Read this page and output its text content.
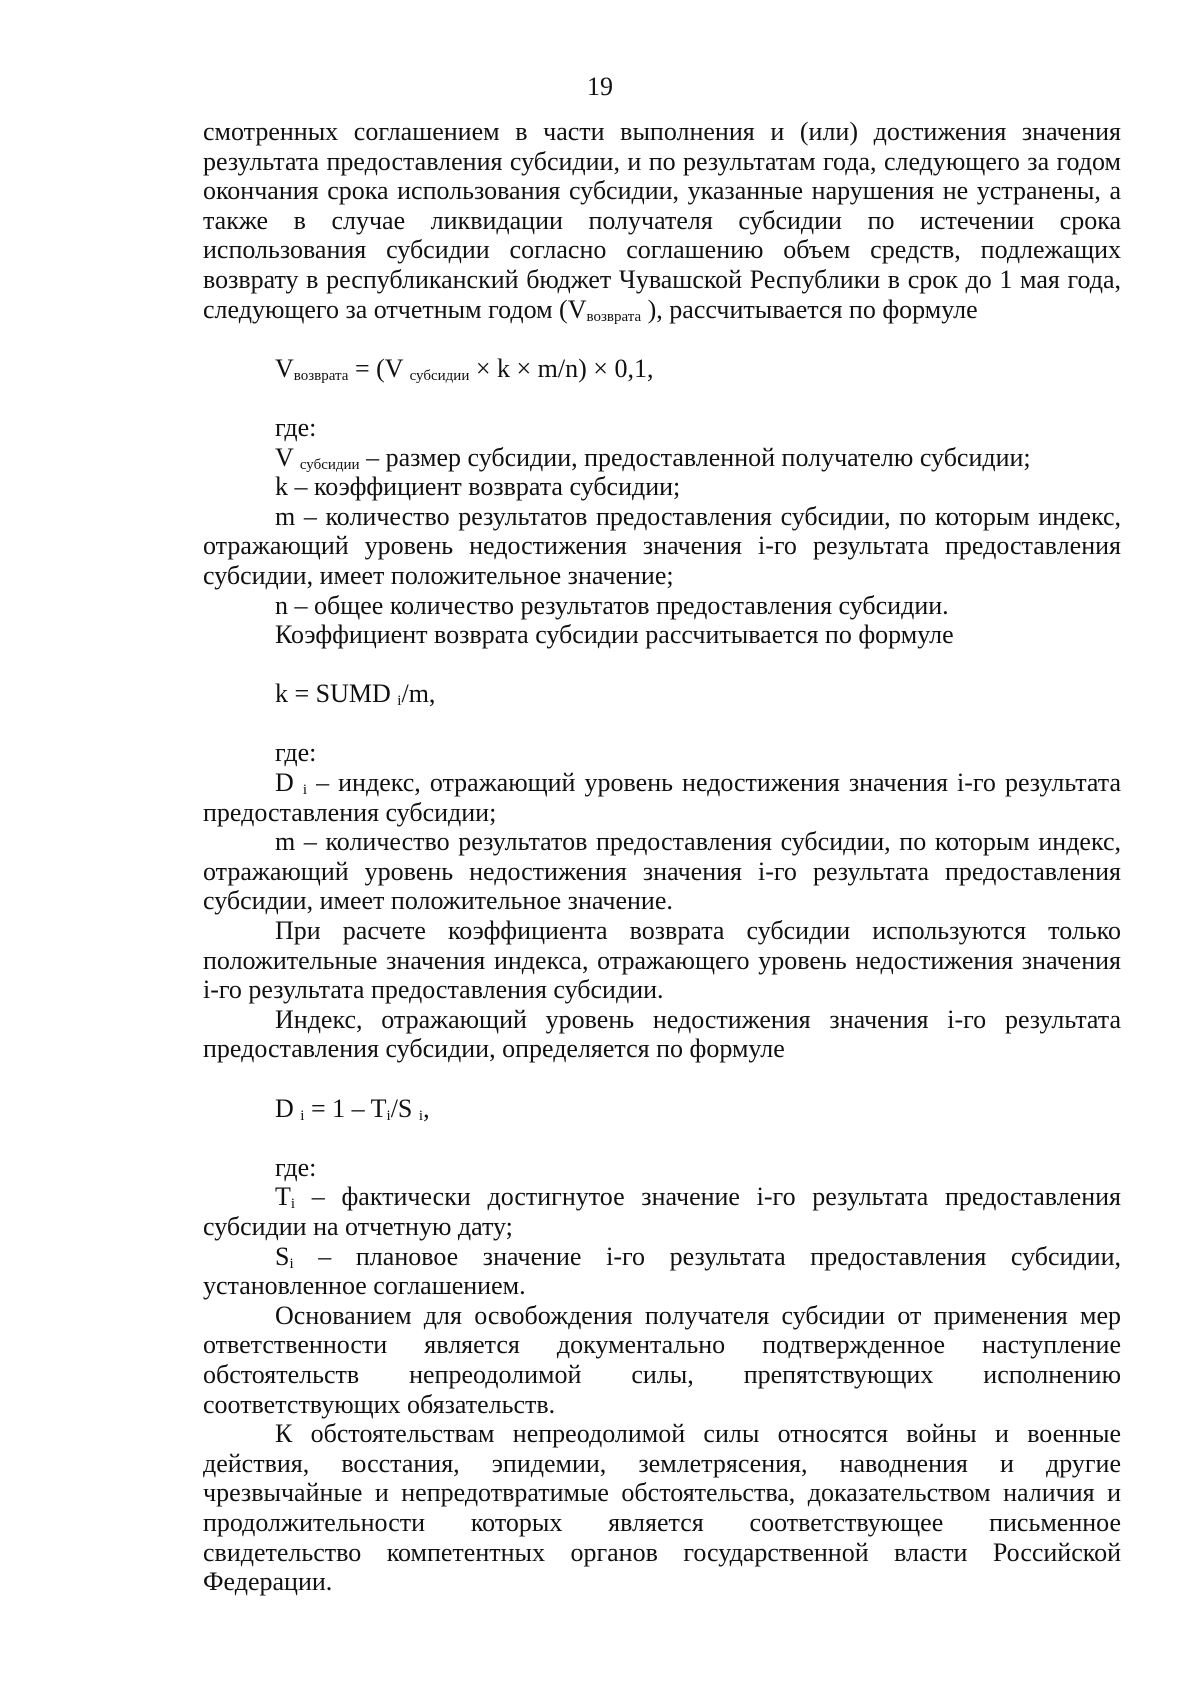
19

смотренных соглашением в части выполнения и (или) достижения значения результата предоставления субсидии, и по результатам года, следующего за годом окончания срока использования субсидии, указанные нарушения не устранены, а также в случае ликвидации получателя субсидии по истечении срока использования субсидии согласно соглашению объем средств, подлежащих возврату в республиканский бюджет Чувашской Республики в срок до 1 мая года, следующего за отчетным годом ($V_{возврата}$ ), рассчитывается по формуле

$V_{возврата} = (V$ $_{субсидии}$ × k × m/n) × 0,1,

где:

V $_{субсидии}$ – размер субсидии, предоставленной получателю субсидии;

k – коэффициент возврата субсидии;

m – количество результатов предоставления субсидии, по которым индекс, отражающий уровень недостижения значения i-го результата предоставления субсидии, имеет положительное значение;

n – общее количество результатов предоставления субсидии.

Коэффициент возврата субсидии рассчитывается по формуле

k = SUMD $_i$/m,

где:

D $_i$ – индекс, отражающий уровень недостижения значения i-го результата предоставления субсидии;

m – количество результатов предоставления субсидии, по которым индекс, отражающий уровень недостижения значения i-го результата предоставления субсидии, имеет положительное значение.

При расчете коэффициента возврата субсидии используются только положительные значения индекса, отражающего уровень недостижения значения i-го результата предоставления субсидии.

Индекс, отражающий уровень недостижения значения i-го результата предоставления субсидии, определяется по формуле

D $_i = 1 - T_i/S$ $_i$,

где:

$T_i$ – фактически достигнутое значение i-го результата предоставления субсидии на отчетную дату;

$S_i$ – плановое значение i-го результата предоставления субсидии, установленное соглашением.

Основанием для освобождения получателя субсидии от применения мер ответственности является документально подтвержденное наступление обстоятельств непреодолимой силы, препятствующих исполнению соответствующих обязательств.

К обстоятельствам непреодолимой силы относятся войны и военные действия, восстания, эпидемии, землетрясения, наводнения и другие чрезвычайные и непредотвратимые обстоятельства, доказательством наличия и продолжительности которых является соответствующее письменное свидетельство компетентных органов государственной власти Российской Федерации.
